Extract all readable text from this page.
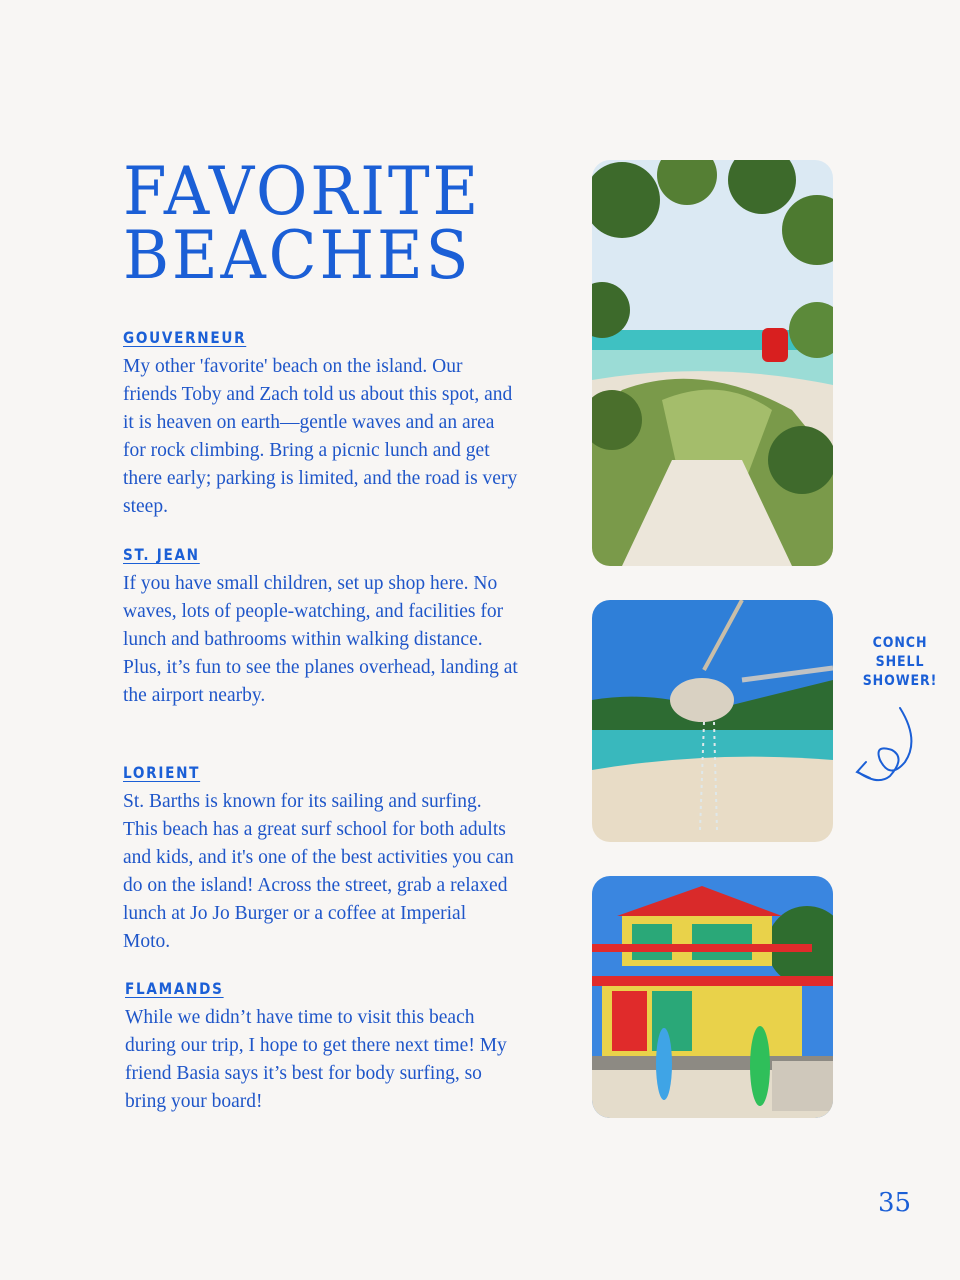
FAVORITE
BEACHES
GOUVERNEUR

My other 'favorite' beach on the island. Our friends Toby and Zach told us about this spot, and it is heaven on earth—gentle waves and an area for rock climbing. Bring a picnic lunch and get there early; parking is limited, and the road is very steep.

ST. JEAN

If you have small children, set up shop here. No waves, lots of people-watching, and facilities for lunch and bathrooms within walking distance. Plus, it’s fun to see the planes overhead, landing at the airport nearby.

LORIENT

St. Barths is known for its sailing and surfing. This beach has a great surf school for both adults and kids, and it's one of the best activities you can do on the island! Across the street, grab a relaxed lunch at Jo Jo Burger or a coffee at Imperial Moto.

FLAMANDS

While we didn’t have time to visit this beach during our trip, I hope to get there next time! My friend Basia says it’s best for body surfing, so bring your board!

CONCH
SHELL
SHOWER!
35
